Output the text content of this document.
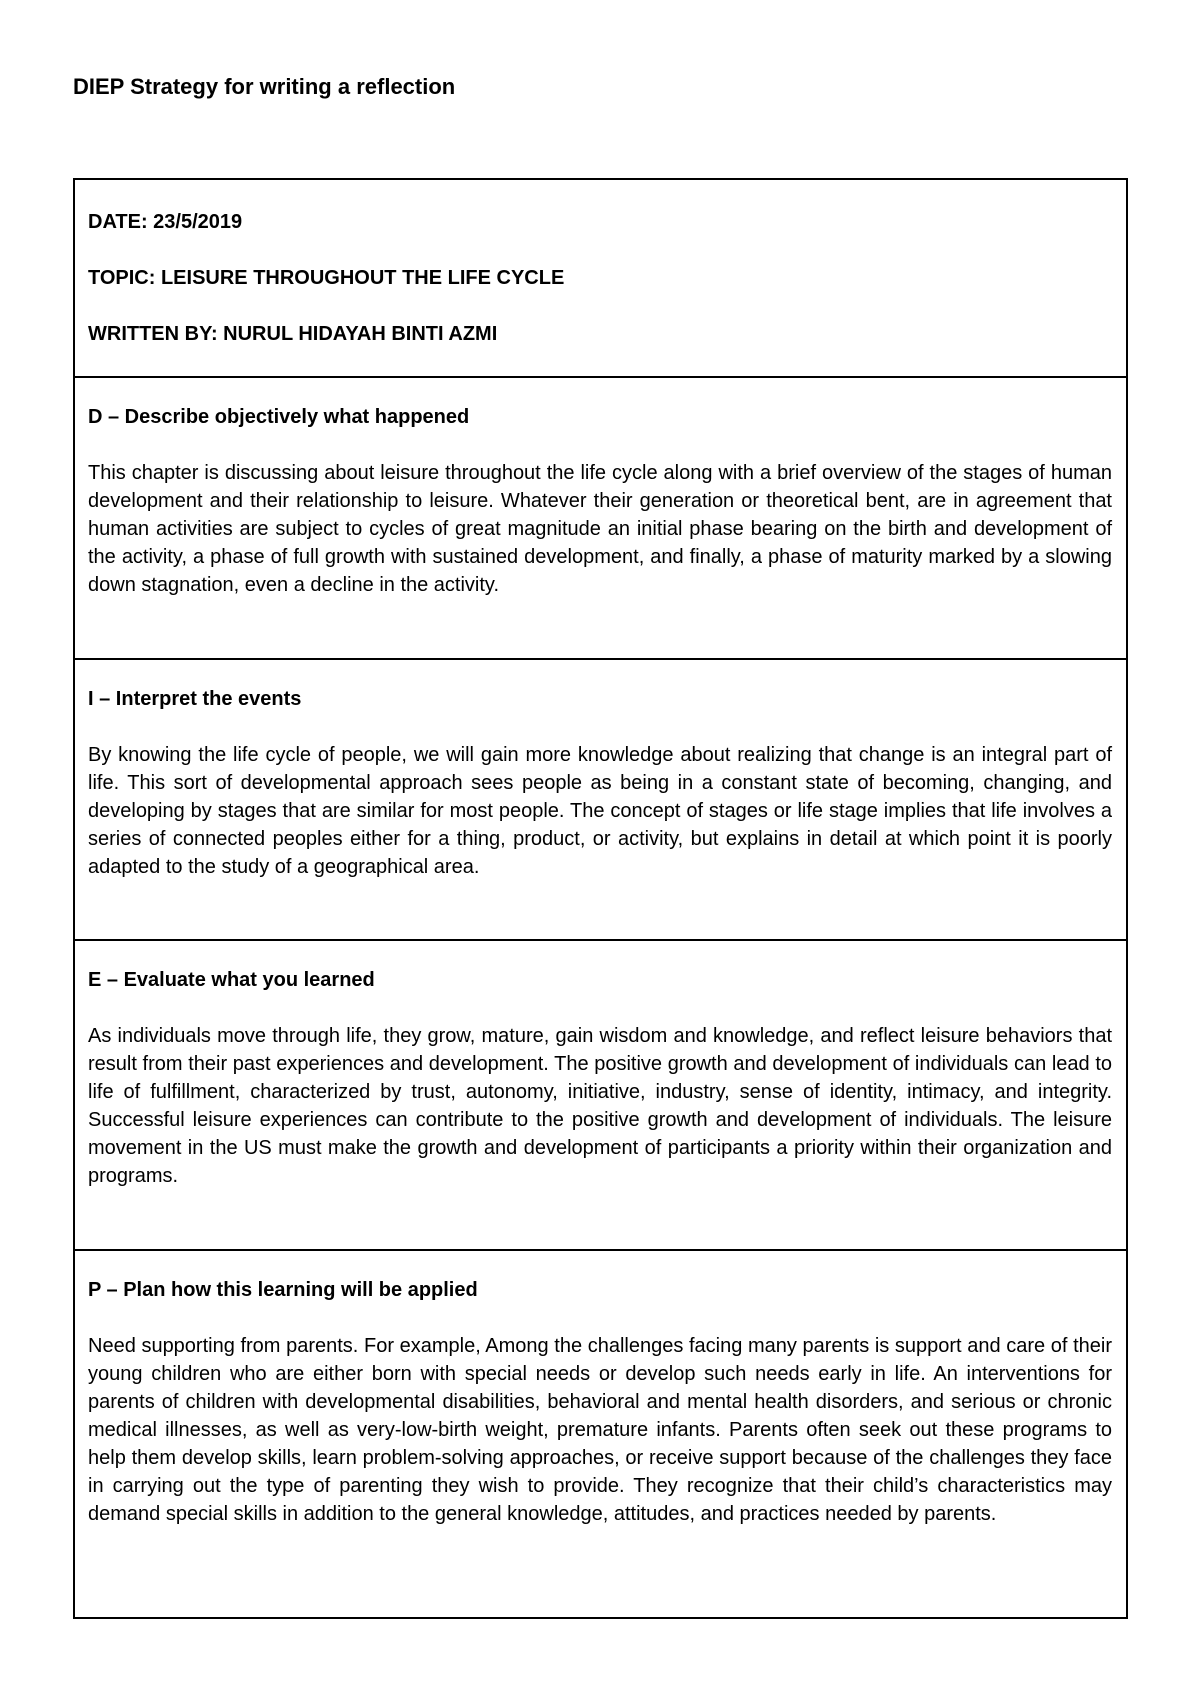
DIEP Strategy for writing a reflection

DATE: 23/5/2019

TOPIC: LEISURE THROUGHOUT THE LIFE CYCLE

WRITTEN BY: NURUL HIDAYAH BINTI AZMI

D – Describe objectively what happened

This chapter is discussing about leisure throughout the life cycle along with a brief overview of the stages of human development and their relationship to leisure. Whatever their generation or theoretical bent, are in agreement that human activities are subject to cycles of great magnitude an initial phase bearing on the birth and development of the activity, a phase of full growth with sustained development, and finally, a phase of maturity marked by a slowing down stagnation, even a decline in the activity.

I – Interpret the events

By knowing the life cycle of people, we will gain more knowledge about realizing that change is an integral part of life. This sort of developmental approach sees people as being in a constant state of becoming, changing, and developing by stages that are similar for most people. The concept of stages or life stage implies that life involves a series of connected peoples either for a thing, product, or activity, but explains in detail at which point it is poorly adapted to the study of a geographical area.

E – Evaluate what you learned

As individuals move through life, they grow, mature, gain wisdom and knowledge, and reflect leisure behaviors that result from their past experiences and development. The positive growth and development of individuals can lead to life of fulfillment, characterized by trust, autonomy, initiative, industry, sense of identity, intimacy, and integrity. Successful leisure experiences can contribute to the positive growth and development of individuals. The leisure movement in the US must make the growth and development of participants a priority within their organization and programs.

P – Plan how this learning will be applied

Need supporting from parents. For example, Among the challenges facing many parents is support and care of their young children who are either born with special needs or develop such needs early in life. An interventions for parents of children with developmental disabilities, behavioral and mental health disorders, and serious or chronic medical illnesses, as well as very-low-birth weight, premature infants. Parents often seek out these programs to help them develop skills, learn problem-solving approaches, or receive support because of the challenges they face in carrying out the type of parenting they wish to provide. They recognize that their child’s characteristics may demand special skills in addition to the general knowledge, attitudes, and practices needed by parents.
